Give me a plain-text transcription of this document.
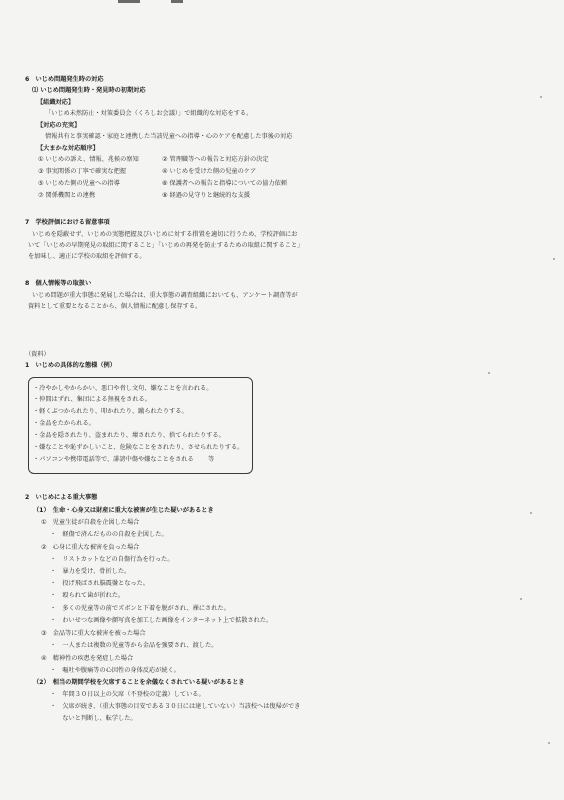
6　いじめ問題発生時の対応
⑴ いじめ問題発生時・発見時の初期対応
【組織対応】
「いじめ未然防止・対策委員会（くろしお会議）」で組織的な対応をする。
【対応の充実】
情報共有と事実確認・家庭と連携した当該児童への指導・心のケアを配慮した事後の対応
【大まかな対応順序】
① いじめの訴え、情報、兆候の察知	② 管理職等への報告と対応方針の決定
③ 事実関係の丁寧で確実な把握	④ いじめを受けた側の児童のケア
⑤ いじめた側の児童への指導	⑥ 保護者への報告と指導についての協力依頼
⑦ 関係機関との連携	⑧ 経過の見守りと継続的な支援
7　学校評価における留意事項
いじめを隠蔽せず、いじめの実態把握及びいじめに対する措置を適切に行うため、学校評価にお
いて「いじめの早期発見の取組に関すること」「いじめの再発を防止するための取組に関すること」
を加味し、適正に学校の取組を評価する。
8　個人情報等の取扱い
いじめ問題が重大事態に発展した場合は、重大事態の調査組織においても、アンケート調査等が
資料として重要となることから、個人情報に配慮し保存する。
（資料）
1　いじめの具体的な態様（例）
・冷やかしやからかい、悪口や脅し文句、嫌なことを言われる。
・仲間はずれ、集団による無視をされる。
・軽くぶつかられたり、叩かれたり、蹴られたりする。
・金品をたかられる。
・金品を隠されたり、盗まれたり、壊されたり、捨てられたりする。
・嫌なことや恥ずかしいこと、危険なことをされたり、させられたりする。
・パソコンや携帯電話等で、誹謗中傷や嫌なことをされる 等
2　いじめによる重大事態
（1）　生命・心身又は財産に重大な被害が生じた疑いがあるとき
①　児童生徒が自殺を企図した場合
・　軽傷で済んだものの自殺を企図した。
②　心身に重大な被害を負った場合
・　リストカットなどの自傷行為を行った。
・　暴力を受け、骨折した。
・　投げ飛ばされ脳震盪となった。
・　殴られて歯が折れた。
・　多くの児童等の前でズボンと下着を脱がされ、裸にされた。
・　わいせつな画像や顔写真を加工した画像をインターネット上で拡散された。
③　金品等に重大な被害を被った場合
・　一人または複数の児童等から金品を強要され、渡した。
④　精神性の疾患を発症した場合
・　嘔吐や腹痛等の心因性の身体反応が続く。
（2）　相当の期間学校を欠席することを余儀なくされている疑いがあるとき
・　年間３０日以上の欠席（不登校の定義）している。
・　欠席が続き、（重大事態の目安である３０日には達していない）当該校へは復帰ができ
　　ないと判断し、転学した。
